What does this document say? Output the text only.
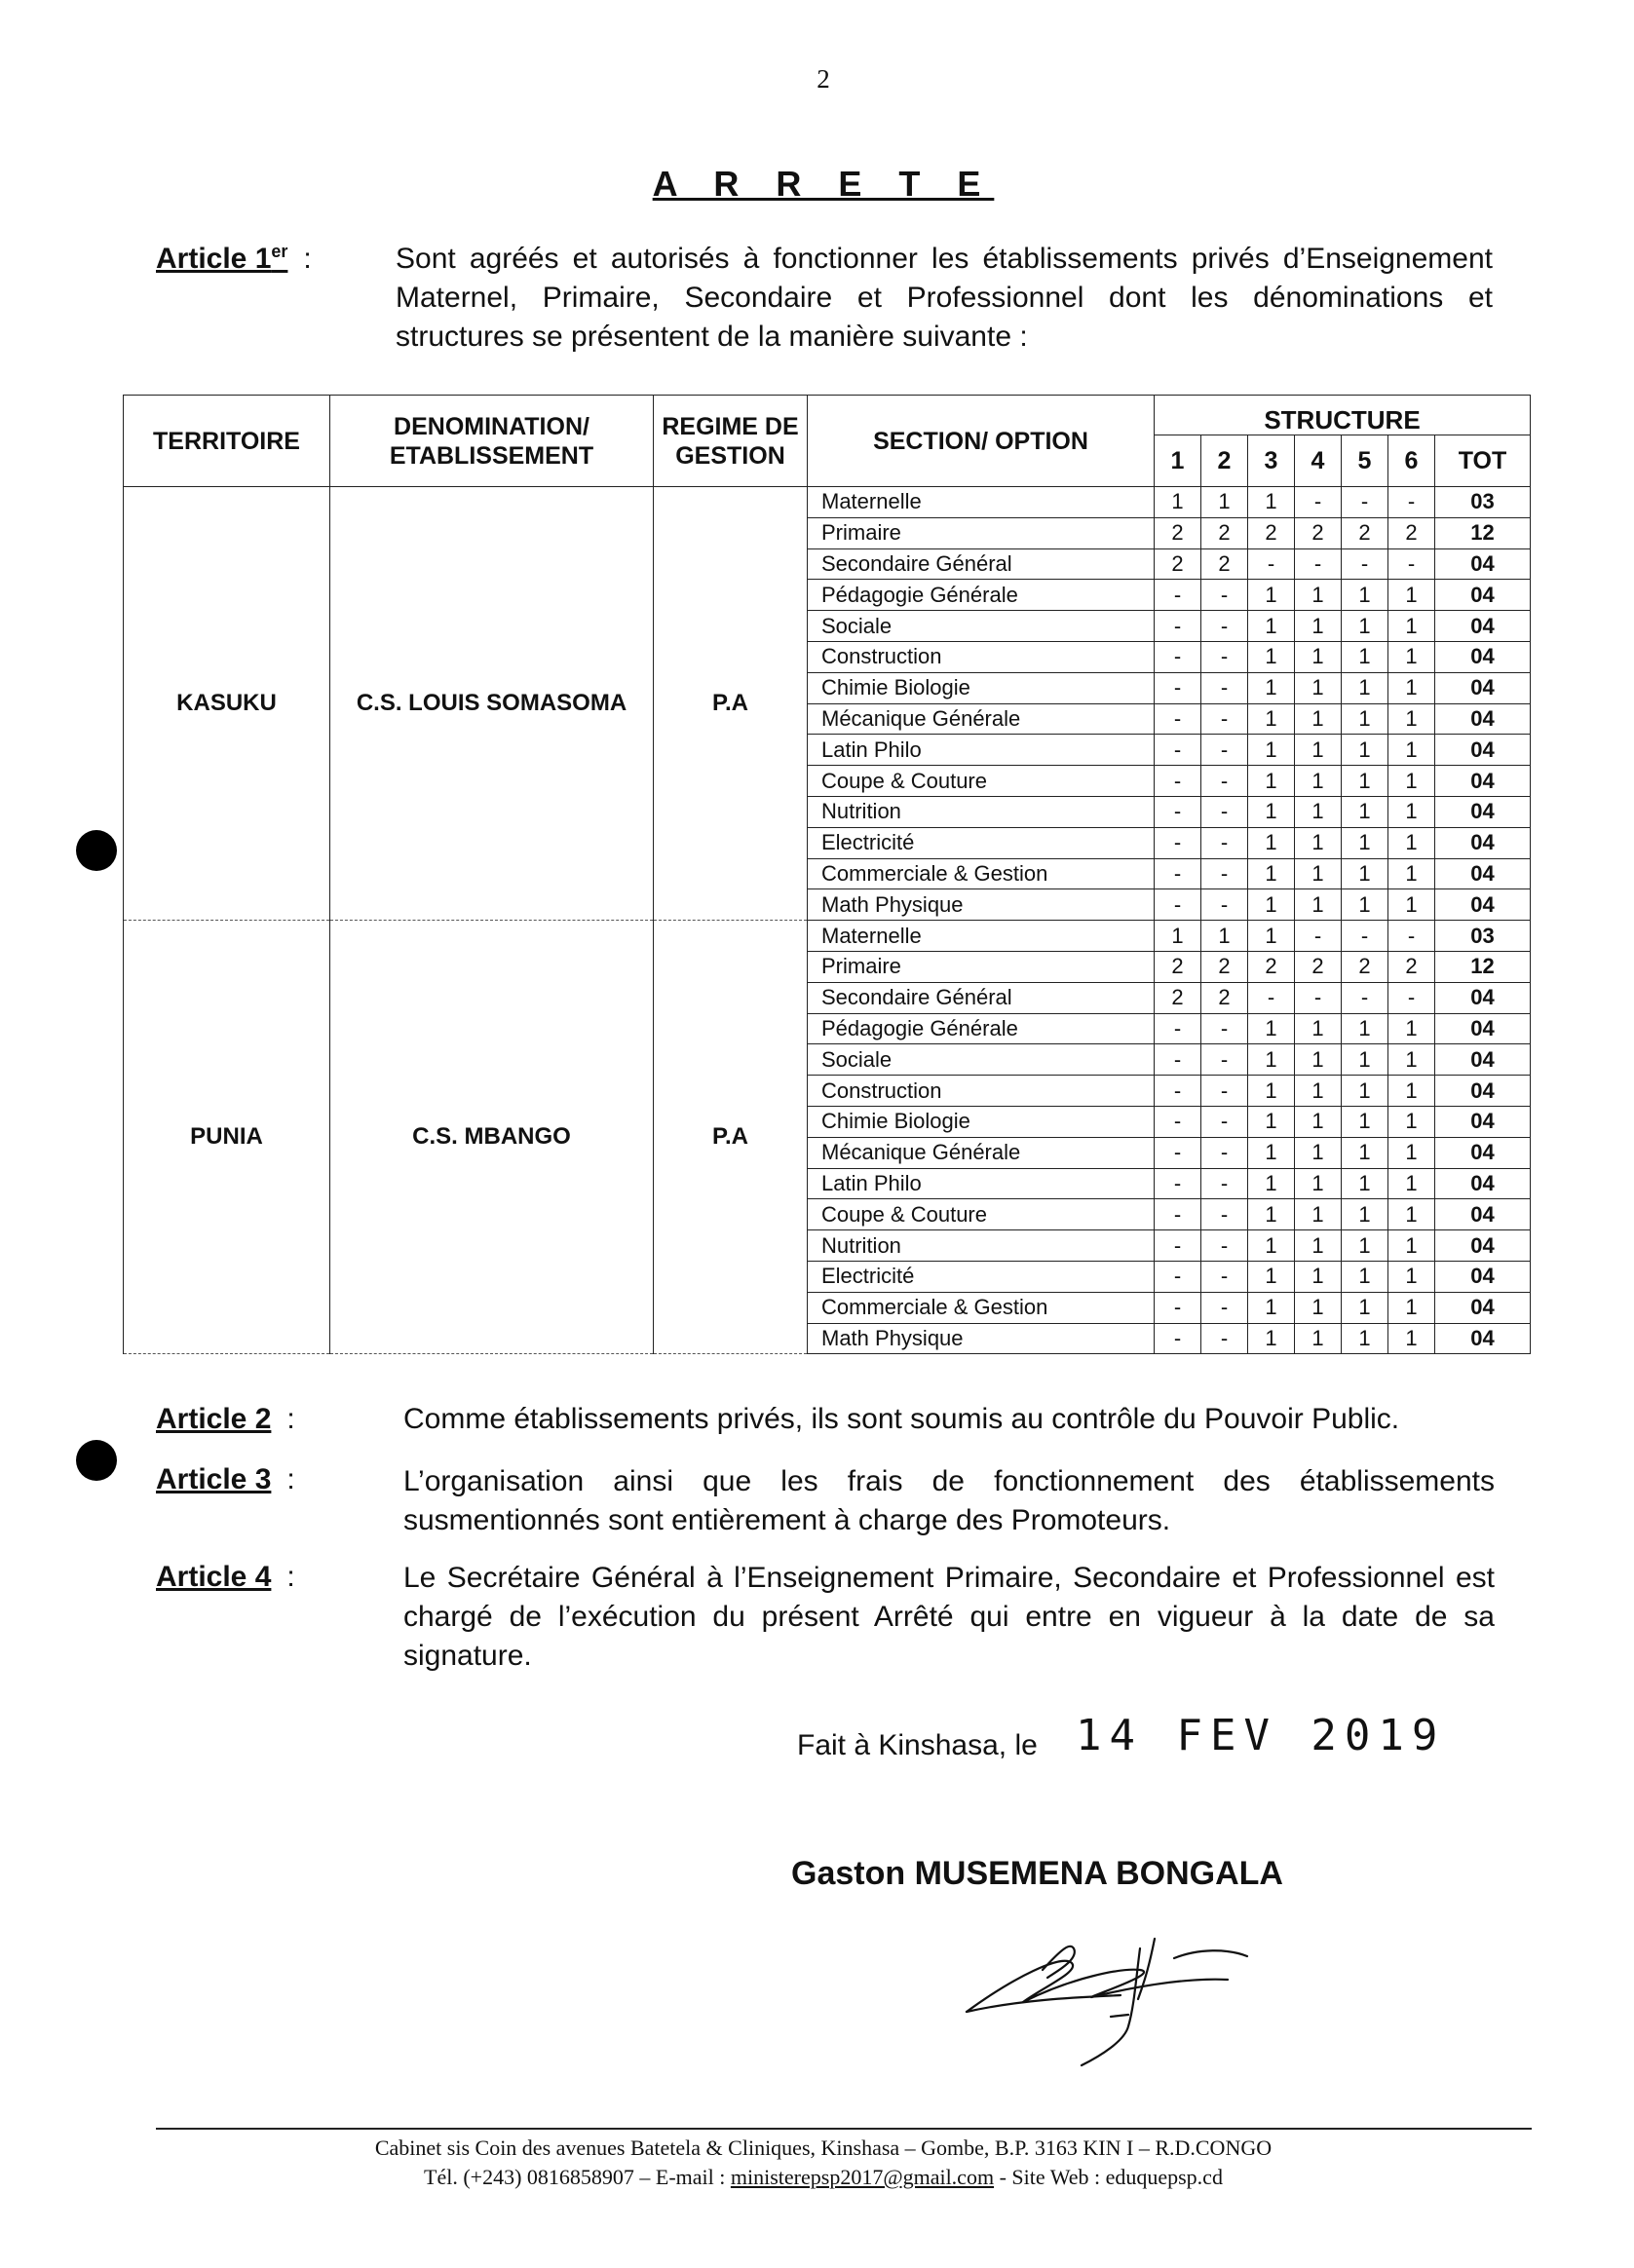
2
A R R E T E
Article 1er :	Sont agréés et autorisés à fonctionner les établissements privés d’Enseignement Maternel, Primaire, Secondaire et Professionnel dont les dénominations et structures se présentent de la manière suivante :
TERRITOIRE	DENOMINATION/ ETABLISSEMENT	REGIME DE GESTION	SECTION/ OPTION	STRUCTURE						
				1	2	3	4	5	6	TOT
KASUKU	C.S. LOUIS SOMASOMA	P.A	Maternelle	1	1	1	-	-	-	03
			Primaire	2	2	2	2	2	2	12
			Secondaire Général	2	2	-	-	-	-	04
			Pédagogie Générale	-	-	1	1	1	1	04
			Sociale	-	-	1	1	1	1	04
			Construction	-	-	1	1	1	1	04
			Chimie Biologie	-	-	1	1	1	1	04
			Mécanique Générale	-	-	1	1	1	1	04
			Latin Philo	-	-	1	1	1	1	04
			Coupe & Couture	-	-	1	1	1	1	04
			Nutrition	-	-	1	1	1	1	04
			Electricité	-	-	1	1	1	1	04
			Commerciale & Gestion	-	-	1	1	1	1	04
			Math Physique	-	-	1	1	1	1	04
PUNIA	C.S. MBANGO	P.A	Maternelle	1	1	1	-	-	-	03
			Primaire	2	2	2	2	2	2	12
			Secondaire Général	2	2	-	-	-	-	04
			Pédagogie Générale	-	-	1	1	1	1	04
			Sociale	-	-	1	1	1	1	04
			Construction	-	-	1	1	1	1	04
			Chimie Biologie	-	-	1	1	1	1	04
			Mécanique Générale	-	-	1	1	1	1	04
			Latin Philo	-	-	1	1	1	1	04
			Coupe & Couture	-	-	1	1	1	1	04
			Nutrition	-	-	1	1	1	1	04
			Electricité	-	-	1	1	1	1	04
			Commerciale & Gestion	-	-	1	1	1	1	04
			Math Physique	-	-	1	1	1	1	04
Article 2 :	Comme établissements privés, ils sont soumis au contrôle du Pouvoir Public.
Article 3 :	L’organisation ainsi que les frais de fonctionnement des établissements susmentionnés sont entièrement à charge des Promoteurs.
Article 4 :	Le Secrétaire Général à l’Enseignement Primaire, Secondaire et Professionnel est chargé de l’exécution du présent Arrêté qui entre en vigueur à la date de sa signature.
Fait à Kinshasa, le 14 FEV 2019
Gaston MUSEMENA BONGALA
Cabinet sis Coin des avenues Batetela & Cliniques, Kinshasa – Gombe, B.P. 3163 KIN I – R.D.CONGO
Tél. (+243) 0816858907 – E-mail : ministerepsp2017@gmail.com - Site Web : eduquepsp.cd
